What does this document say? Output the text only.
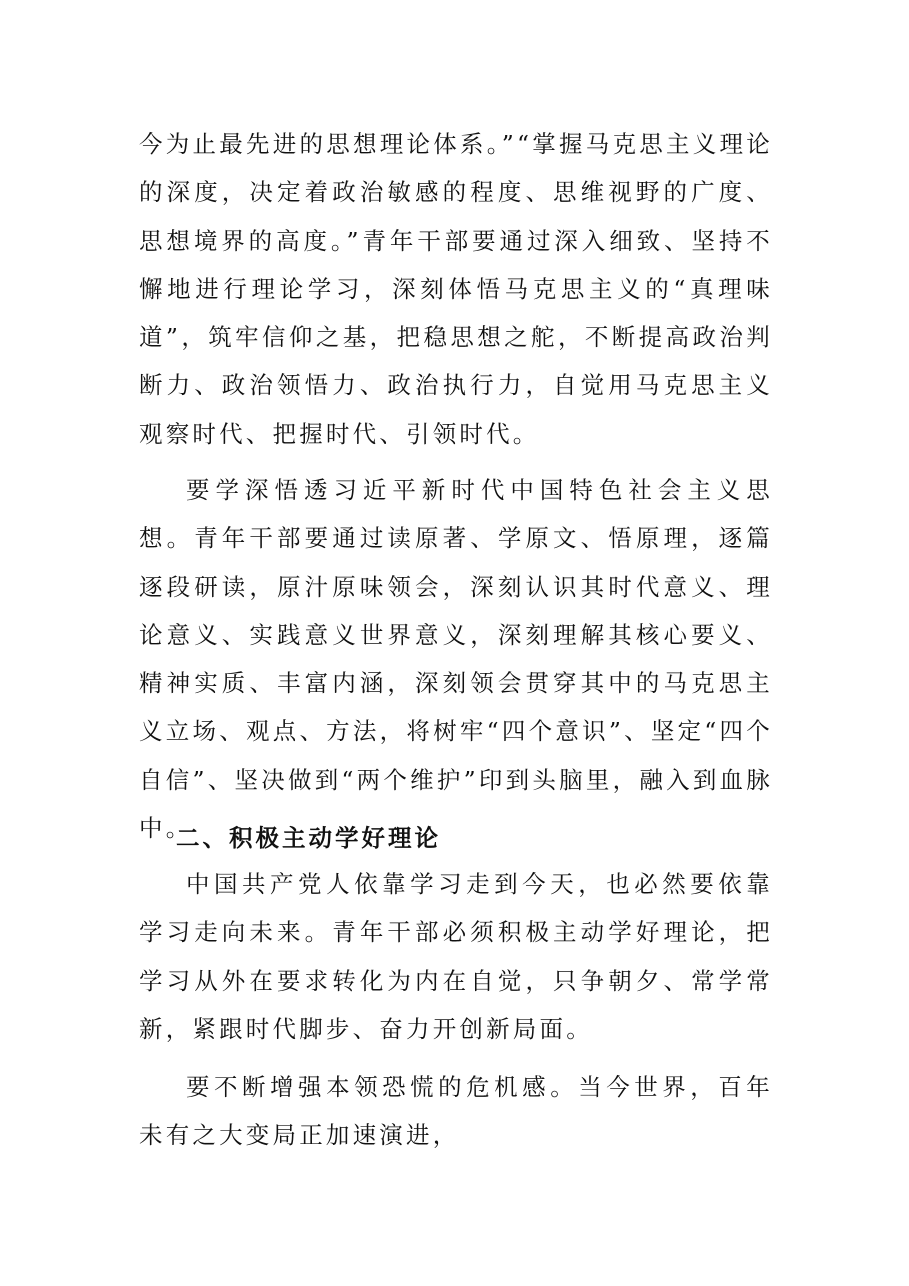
今为止最先进的思想理论体系。”“掌握马克思主义理论的深度，决定着政治敏感的程度、思维视野的广度、思想境界的高度。”青年干部要通过深入细致、坚持不懈地进行理论学习，深刻体悟马克思主义的“真理味道”，筑牢信仰之基，把稳思想之舵，不断提高政治判断力、政治领悟力、政治执行力，自觉用马克思主义观察时代、把握时代、引领时代。

要学深悟透习近平新时代中国特色社会主义思想。青年干部要通过读原著、学原文、悟原理，逐篇逐段研读，原汁原味领会，深刻认识其时代意义、理论意义、实践意义世界意义，深刻理解其核心要义、精神实质、丰富内涵，深刻领会贯穿其中的马克思主义立场、观点、方法，将树牢“四个意识”、坚定“四个自信”、坚决做到“两个维护”印到头脑里，融入到血脉中。

二、积极主动学好理论

中国共产党人依靠学习走到今天，也必然要依靠学习走向未来。青年干部必须积极主动学好理论，把学习从外在要求转化为内在自觉，只争朝夕、常学常新，紧跟时代脚步、奋力开创新局面。

要不断增强本领恐慌的危机感。当今世界，百年未有之大变局正加速演进，
